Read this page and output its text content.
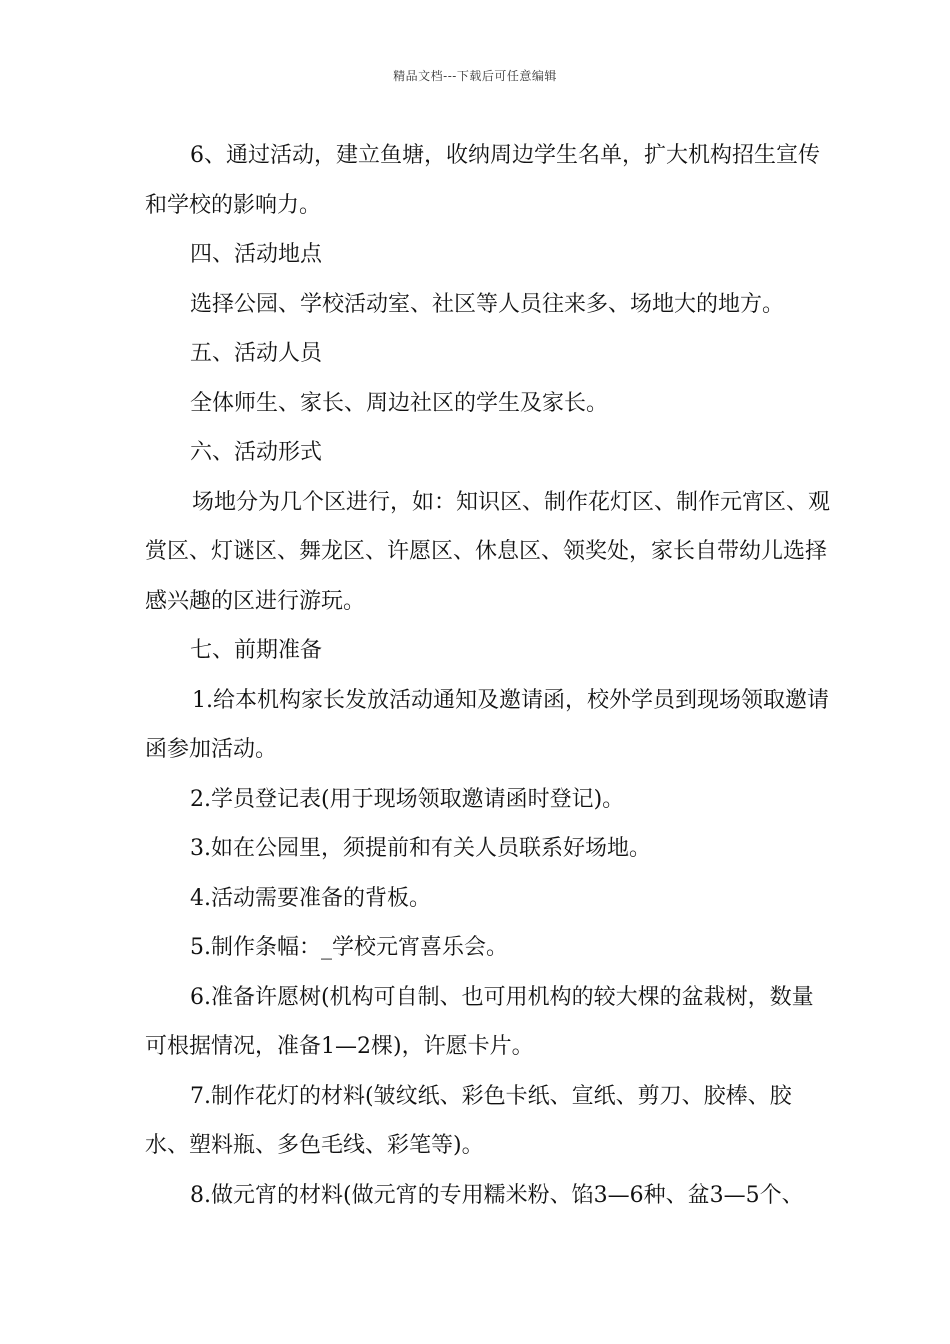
精品文档---下载后可任意编辑

6、通过活动，建立鱼塘，收纳周边学生名单，扩大机构招生宣传和学校的影响力。

四、活动地点

选择公园、学校活动室、社区等人员往来多、场地大的地方。

五、活动人员

全体师生、家长、周边社区的学生及家长。

六、活动形式

场地分为几个区进行，如：知识区、制作花灯区、制作元宵区、观赏区、灯谜区、舞龙区、许愿区、休息区、领奖处，家长自带幼儿选择感兴趣的区进行游玩。

七、前期准备

1.给本机构家长发放活动通知及邀请函，校外学员到现场领取邀请函参加活动。

2.学员登记表(用于现场领取邀请函时登记)。

3.如在公园里，须提前和有关人员联系好场地。

4.活动需要准备的背板。

5.制作条幅：_学校元宵喜乐会。

6.准备许愿树(机构可自制、也可用机构的较大棵的盆栽树，数量可根据情况，准备1—2棵)，许愿卡片。

7.制作花灯的材料(皱纹纸、彩色卡纸、宣纸、剪刀、胶棒、胶水、塑料瓶、多色毛线、彩笔等)。

8.做元宵的材料(做元宵的专用糯米粉、馅3—6种、盆3—5个、
